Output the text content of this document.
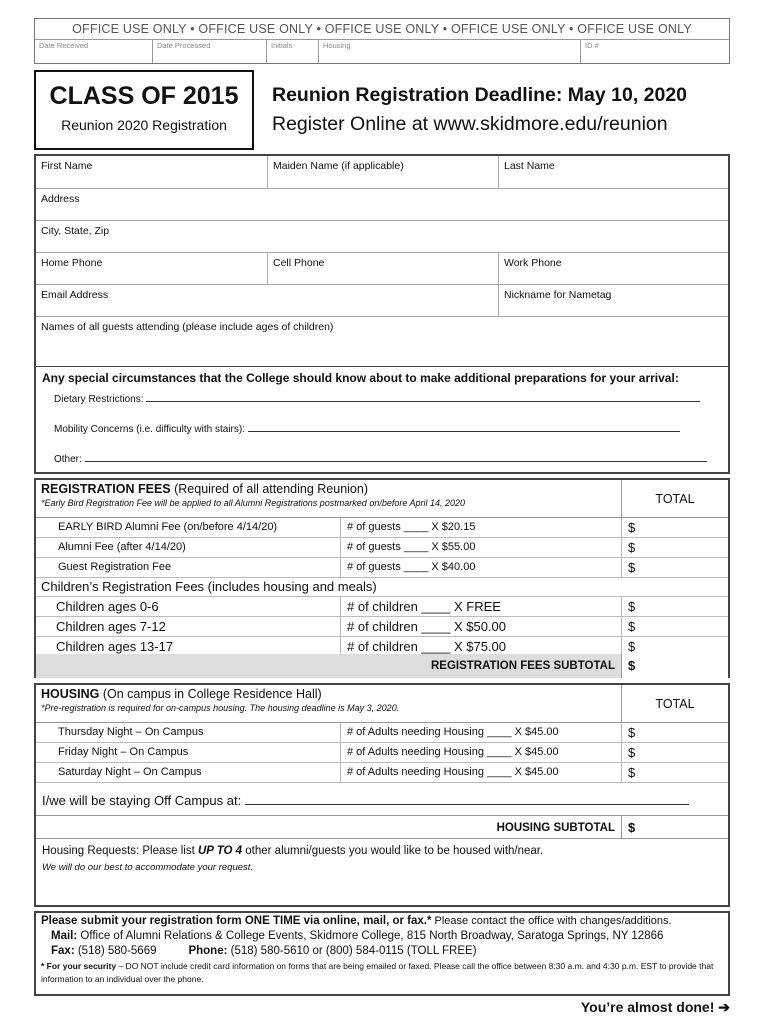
OFFICE USE ONLY • OFFICE USE ONLY • OFFICE USE ONLY • OFFICE USE ONLY • OFFICE USE ONLY
Date Received	Date Processed	Initials	Housing	ID #
CLASS OF 2015
Reunion 2020 Registration
Reunion Registration Deadline: May 10, 2020
Register Online at www.skidmore.edu/reunion
First Name	Maiden Name (if applicable)	Last Name
Address
City, State, Zip
Home Phone	Cell Phone	Work Phone
Email Address	Nickname for Nametag
Names of all guests attending (please include ages of children)
Any special circumstances that the College should know about to make additional preparations for your arrival:
Dietary Restrictions:
Mobility Concerns (i.e. difficulty with stairs):
Other:
REGISTRATION FEES (Required of all attending Reunion)
*Early Bird Registration Fee will be applied to all Alumni Registrations postmarked on/before April 14, 2020	TOTAL
EARLY BIRD Alumni Fee (on/before 4/14/20)	# of guests ____ X $20.15	$
Alumni Fee (after 4/14/20)	# of guests ____ X $55.00	$
Guest Registration Fee	# of guests ____ X $40.00	$
Children’s Registration Fees (includes housing and meals)
Children ages 0-6	# of children ____ X FREE	$
Children ages 7-12	# of children ____ X $50.00	$
Children ages 13-17	# of children ____ X $75.00	$
REGISTRATION FEES SUBTOTAL	$
HOUSING (On campus in College Residence Hall)
*Pre-registration is required for on-campus housing. The housing deadline is May 3, 2020.	TOTAL
Thursday Night – On Campus	# of Adults needing Housing ____ X $45.00	$
Friday Night – On Campus	# of Adults needing Housing ____ X $45.00	$
Saturday Night – On Campus	# of Adults needing Housing ____ X $45.00	$
I/we will be staying Off Campus at:
HOUSING SUBTOTAL	$
Housing Requests: Please list UP TO 4 other alumni/guests you would like to be housed with/near.
We will do our best to accommodate your request.
Please submit your registration form ONE TIME via online, mail, or fax.* Please contact the office with changes/additions.
Mail: Office of Alumni Relations & College Events, Skidmore College, 815 North Broadway, Saratoga Springs, NY 12866
Fax: (518) 580-5669	Phone: (518) 580-5610 or (800) 584-0115 (TOLL FREE)
* For your security – DO NOT include credit card information on forms that are being emailed or faxed. Please call the office between 8:30 a.m. and 4:30 p.m. EST to provide that information to an individual over the phone.
You’re almost done! ➔
